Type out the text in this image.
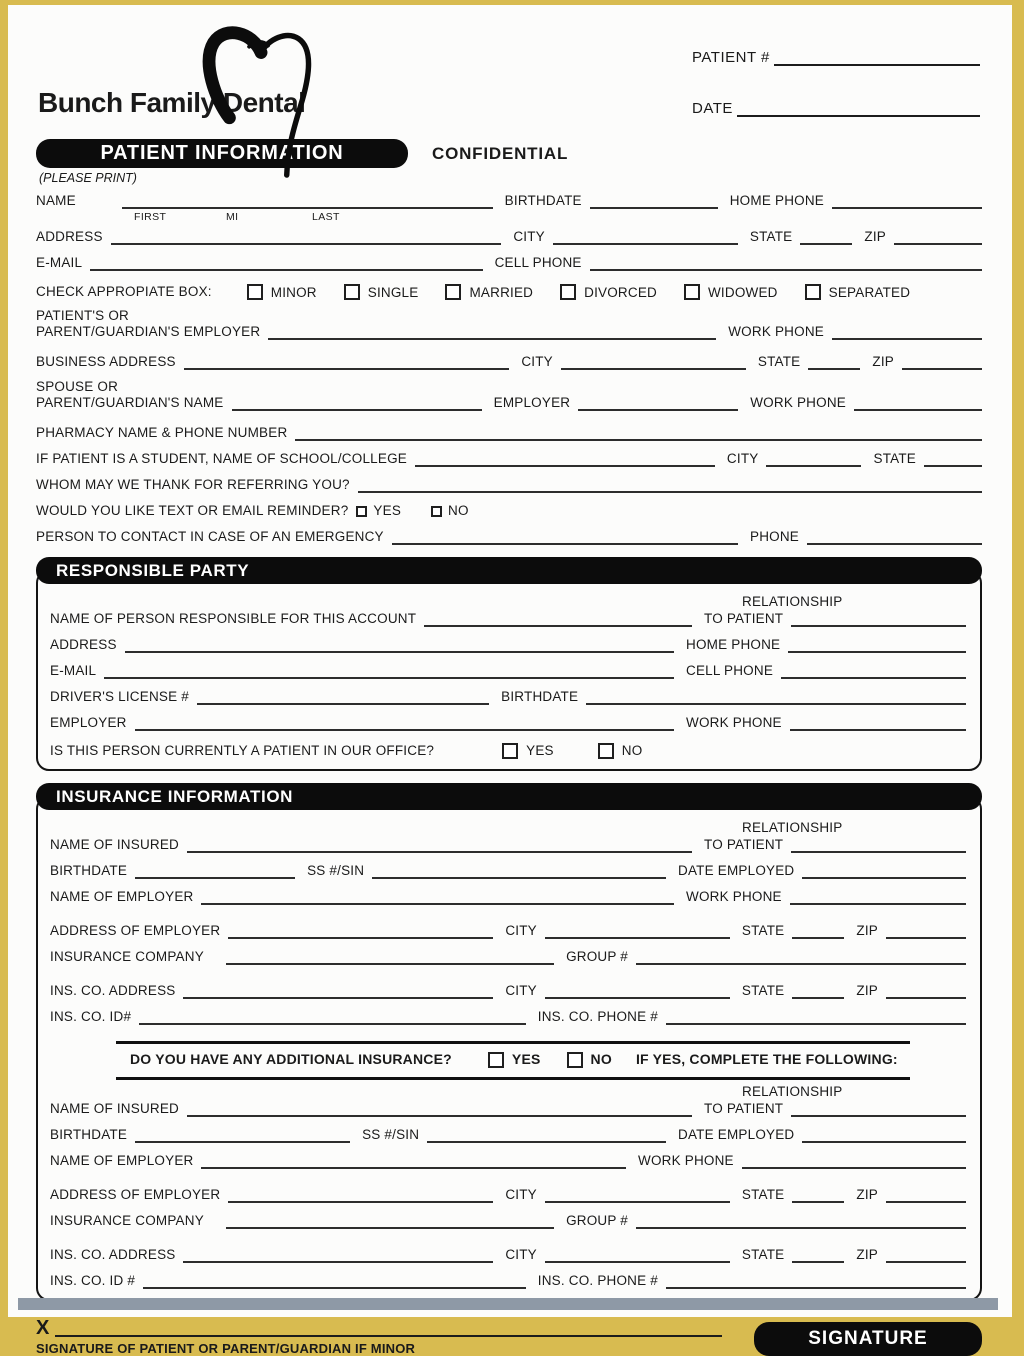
Bunch Family Dental
PATIENT #
DATE
PATIENT INFORMATION	CONFIDENTIAL
(PLEASE PRINT)
NAME	BIRTHDATE	HOME PHONE
FIRST	MI	LAST
ADDRESS	CITY	STATE	ZIP
E-MAIL	CELL PHONE
CHECK APPROPIATE BOX:	MINOR	SINGLE	MARRIED	DIVORCED	WIDOWED	SEPARATED
PATIENT'S OR
PARENT/GUARDIAN'S EMPLOYER	WORK PHONE
BUSINESS ADDRESS	CITY	STATE	ZIP
SPOUSE OR
PARENT/GUARDIAN'S NAME	EMPLOYER	WORK PHONE
PHARMACY NAME & PHONE NUMBER
IF PATIENT IS A STUDENT, NAME OF SCHOOL/COLLEGE	CITY	STATE
WHOM MAY WE THANK FOR REFERRING YOU?
WOULD YOU LIKE TEXT OR EMAIL REMINDER?	YES	NO
PERSON TO CONTACT IN CASE OF AN EMERGENCY	PHONE
RESPONSIBLE PARTY
NAME OF PERSON RESPONSIBLE FOR THIS ACCOUNT
RELATIONSHIP
TO PATIENT
ADDRESS	HOME PHONE
E-MAIL	CELL PHONE
DRIVER'S LICENSE #	BIRTHDATE
EMPLOYER	WORK PHONE
IS THIS PERSON CURRENTLY A PATIENT IN OUR OFFICE?	YES	NO
INSURANCE INFORMATION
NAME OF INSURED
RELATIONSHIP
TO PATIENT
BIRTHDATE	SS #/SIN	DATE EMPLOYED
NAME OF EMPLOYER	WORK PHONE
ADDRESS OF EMPLOYER	CITY	STATE	ZIP
INSURANCE COMPANY	GROUP #
INS. CO. ADDRESS	CITY	STATE	ZIP
INS. CO. ID#	INS. CO. PHONE #
DO YOU HAVE ANY ADDITIONAL INSURANCE?	YES	NO	IF YES, COMPLETE THE FOLLOWING:
NAME OF INSURED
RELATIONSHIP
TO PATIENT
BIRTHDATE	SS #/SIN	DATE EMPLOYED
NAME OF EMPLOYER	WORK PHONE
ADDRESS OF EMPLOYER	CITY	STATE	ZIP
INSURANCE COMPANY	GROUP #
INS. CO. ADDRESS	CITY	STATE	ZIP
INS. CO. ID #	INS. CO. PHONE #
X
SIGNATURE OF PATIENT OR PARENT/GUARDIAN IF MINOR	SIGNATURE
